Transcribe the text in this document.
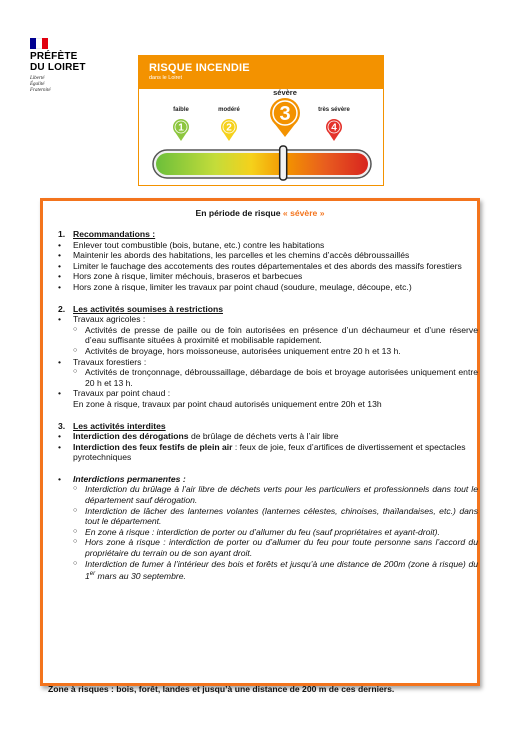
PRÉFÈTE
DU LOIRET
Liberté
Égalité
Fraternité
RISQUE INCENDIE
dans le Loiret
faible
1
modéré
2
sévère
3	très sévère
4
En période de risque « sévère »
1. Recommandations :
•	Enlever tout combustible (bois, butane, etc.) contre les habitations
•	Maintenir les abords des habitations, les parcelles et les chemins d’accès débroussaillés
•	Limiter le fauchage des accotements des routes départementales et des abords des massifs forestiers
•	Hors zone à risque, limiter méchouis, braseros et barbecues
•	Hors zone à risque, limiter les travaux par point chaud (soudure, meulage, découpe, etc.)
2. Les activités soumises à restrictions
•	Travaux agricoles :
○ Activités de presse de paille ou de foin autorisées en présence d’un déchaumeur et d’une réserve d’eau suffisante situées à proximité et mobilisable rapidement.
○ Activités de broyage, hors moissoneuse, autorisées uniquement entre 20 h et 13 h.
•	Travaux forestiers :
○ Activités de tronçonnage, débroussaillage, débardage de bois et broyage autorisées uniquement entre 20 h et 13 h.
•	Travaux par point chaud :
En zone à risque, travaux par point chaud autorisés uniquement entre 20h et 13h
3. Les activités interdites
•	Interdiction des dérogations de brûlage de déchets verts à l’air libre
•	Interdiction des feux festifs de plein air : feux de joie, feux d’artifices de divertissement et spectacles pyrotechniques
•	Interdictions permanentes :
○ Interdiction du brûlage à l’air libre de déchets verts pour les particuliers et professionnels dans tout le département sauf dérogation.
○ Interdiction de lâcher des lanternes volantes (lanternes célestes, chinoises, thaïlandaises, etc.) dans tout le département.
○ En zone à risque : interdiction de porter ou d’allumer du feu (sauf propriétaires et ayant-droit).
○ Hors zone à risque : interdiction de porter ou d’allumer du feu pour toute personne sans l’accord du propriétaire du terrain ou de son ayant droit.
○ Interdiction de fumer à l’intérieur des bois et forêts et jusqu’à une distance de 200m (zone à risque) du 1er mars au 30 septembre.
Zone à risques : bois, forêt, landes et jusqu’à une distance de 200 m de ces derniers.
